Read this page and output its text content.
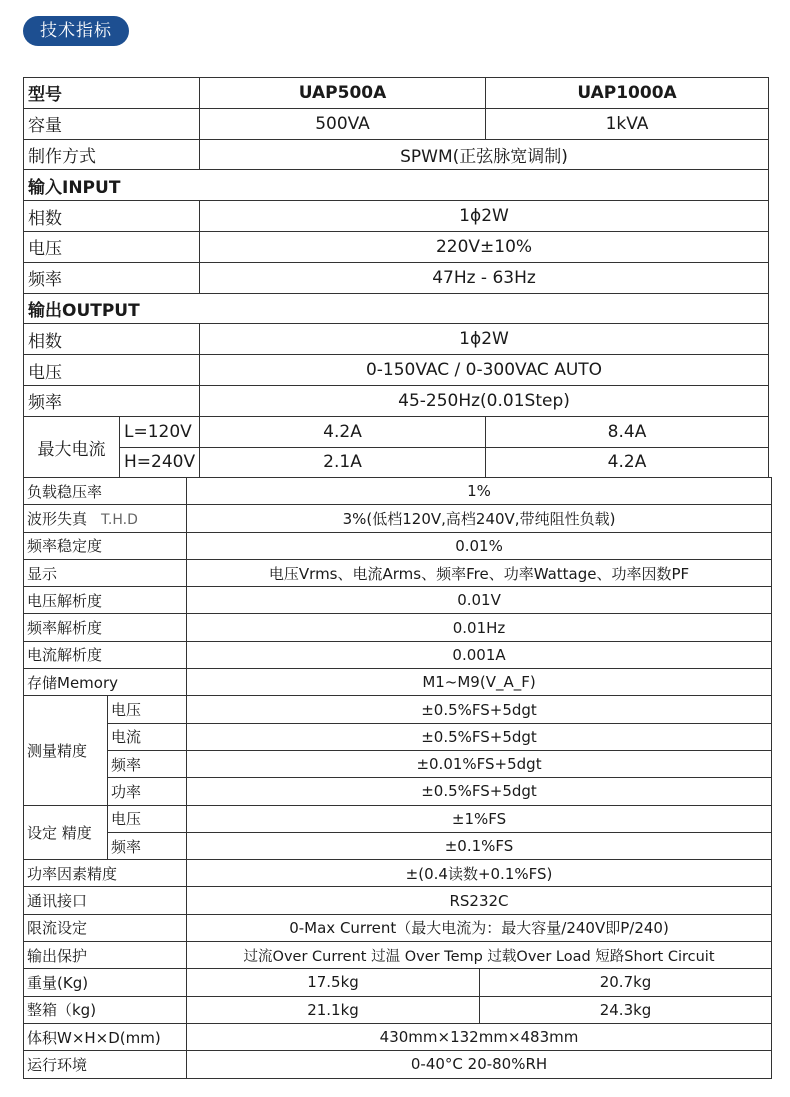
技术指标
型号		UAP500A	UAP1000A
容量		500VA	1kVA
制作方式		SPWM(正弦脉宽调制)	
输入INPUT			
相数		1ϕ2W	
电压		220V±10%	
频率		47Hz - 63Hz	
输出OUTPUT			
相数		1ϕ2W	
电压		0-150VAC / 0-300VAC AUTO	
频率		45-250Hz(0.01Step)	
最大电流	L=120V	4.2A	8.4A
	H=240V	2.1A	4.2A
负载稳压率		1%	
波形失真 T.H.D		3%(低档120V,高档240V,带纯阻性负载)	
频率稳定度		0.01%	
显示		电压Vrms、电流Arms、频率Fre、功率Wattage、功率因数PF	
电压解析度		0.01V	
频率解析度		0.01Hz	
电流解析度		0.001A	
存储Memory		M1~M9(V_A_F)	
测量精度	电压	±0.5%FS+5dgt	
	电流	±0.5%FS+5dgt	
	频率	±0.01%FS+5dgt	
	功率	±0.5%FS+5dgt	
设定 精度	电压	±1%FS	
	频率	±0.1%FS	
功率因素精度		±(0.4读数+0.1%FS)	
通讯接口		RS232C	
限流设定		0-Max Current（最大电流为：最大容量/240V即P/240)	
输出保护		过流Over Current 过温 Over Temp 过载Over Load 短路Short Circuit	
重量(Kg)		17.5kg	20.7kg
整箱（kg)		21.1kg	24.3kg
体积W×H×D(mm)		430mm×132mm×483mm	
运行环境		0-40°C 20-80%RH	
